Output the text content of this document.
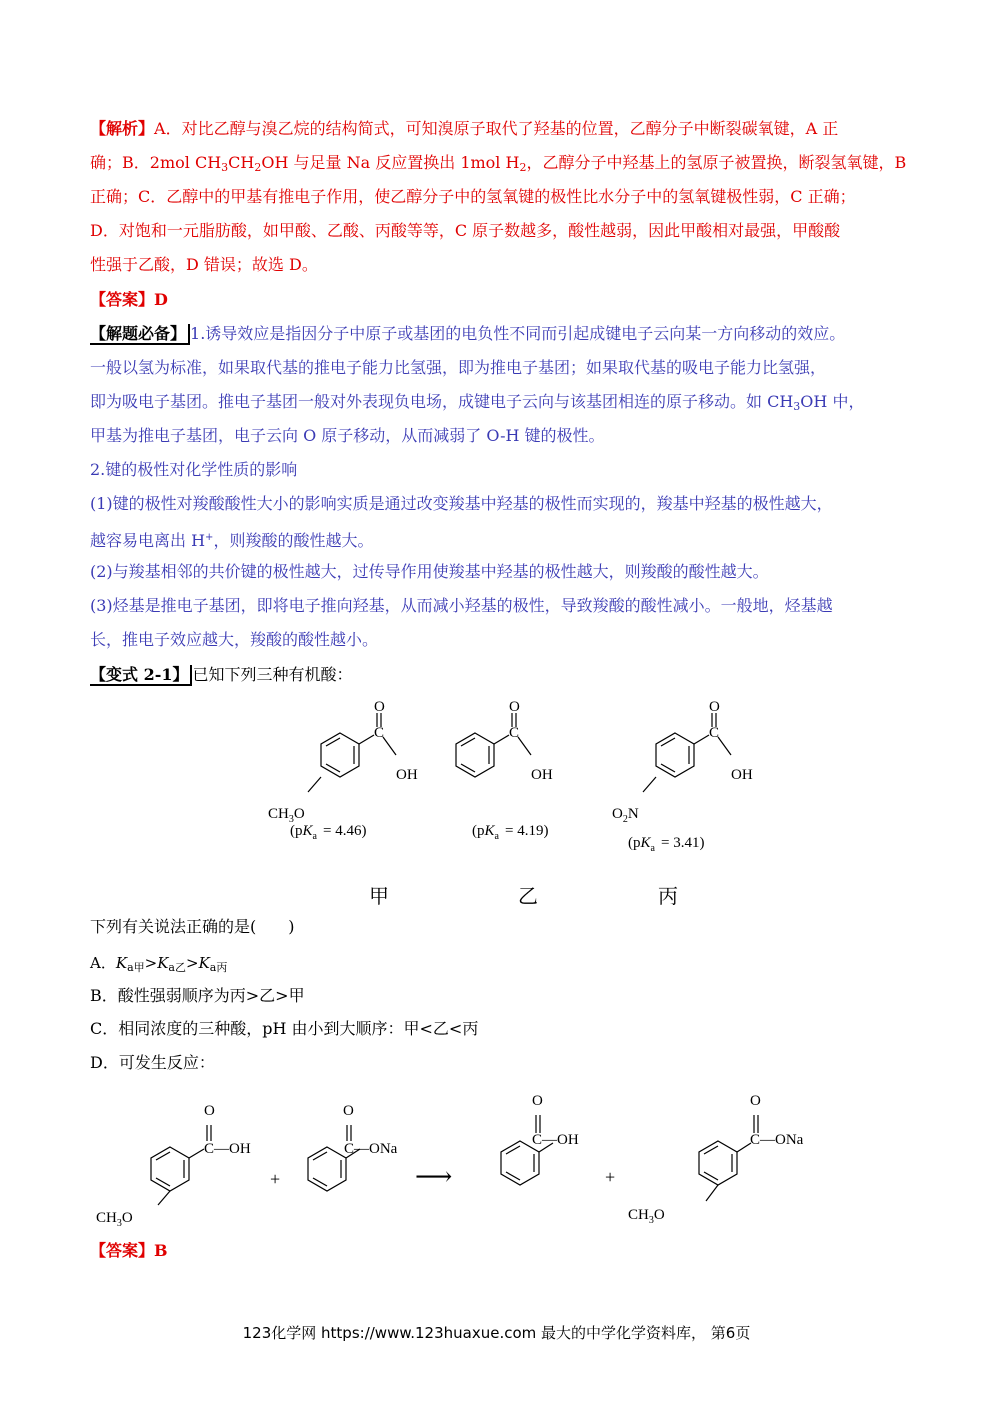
【解析】A．对比乙醇与溴乙烷的结构简式，可知溴原子取代了羟基的位置，乙醇分子中断裂碳氧键，A 正
确；B．2mol $CH_3CH_2OH$ 与足量 Na 反应置换出 1mol $H_2$，乙醇分子中羟基上的氢原子被置换，断裂氢氧键，B
正确；C．乙醇中的甲基有推电子作用，使乙醇分子中的氢氧键的极性比水分子中的氢氧键极性弱，C 正确；
D．对饱和一元脂肪酸，如甲酸、乙酸、丙酸等等，C 原子数越多，酸性越弱，因此甲酸相对最强，甲酸酸
性强于乙酸，D 错误；故选 D。
【答案】D
【解题必备】 1.诱导效应是指因分子中原子或基团的电负性不同而引起成键电子云向某一方向移动的效应。
一般以氢为标准，如果取代基的推电子能力比氢强，即为推电子基团；如果取代基的吸电子能力比氢强，
即为吸电子基团。推电子基团一般对外表现负电场，成键电子云向与该基团相连的原子移动。如 $CH_3OH$ 中，
甲基为推电子基团，电子云向 O 原子移动，从而减弱了 O-H 键的极性。
2.键的极性对化学性质的影响
(1)键的极性对羧酸酸性大小的影响实质是通过改变羧基中羟基的极性而实现的，羧基中羟基的极性越大，
越容易电离出 H+，则羧酸的酸性越大。
(2)与羧基相邻的共价键的极性越大，过传导作用使羧基中羟基的极性越大，则羧酸的酸性越大。
(3)烃基是推电子基团，即将电子推向羟基，从而减小羟基的极性，导致羧酸的酸性减小。一般地，烃基越
长，推电子效应越大，羧酸的酸性越小。
【变式 2-1】 已知下列三种有机酸：
O
C
OH
$CH_3O$
$(pK_a = 4.46)$
O
C
OH
$(pK_a = 4.19)$
O
C
OH
$O_2N$
$(pK_a = 3.41)$
甲	乙	丙
下列有关说法正确的是(　　)
A．$K_{a甲}>K_{a乙}>K_{a丙}$
B．酸性强弱顺序为丙>乙>甲
C．相同浓度的三种酸，pH 由小到大顺序：甲<乙<丙
D．可发生反应：
O
C—OH
$CH_3O$
+
O
C—ONa
⟶
O
C—OH
+
O
C—ONa
$CH_3O$
【答案】B
123化学网 https://www.123huaxue.com 最大的中学化学资料库， 第6页
